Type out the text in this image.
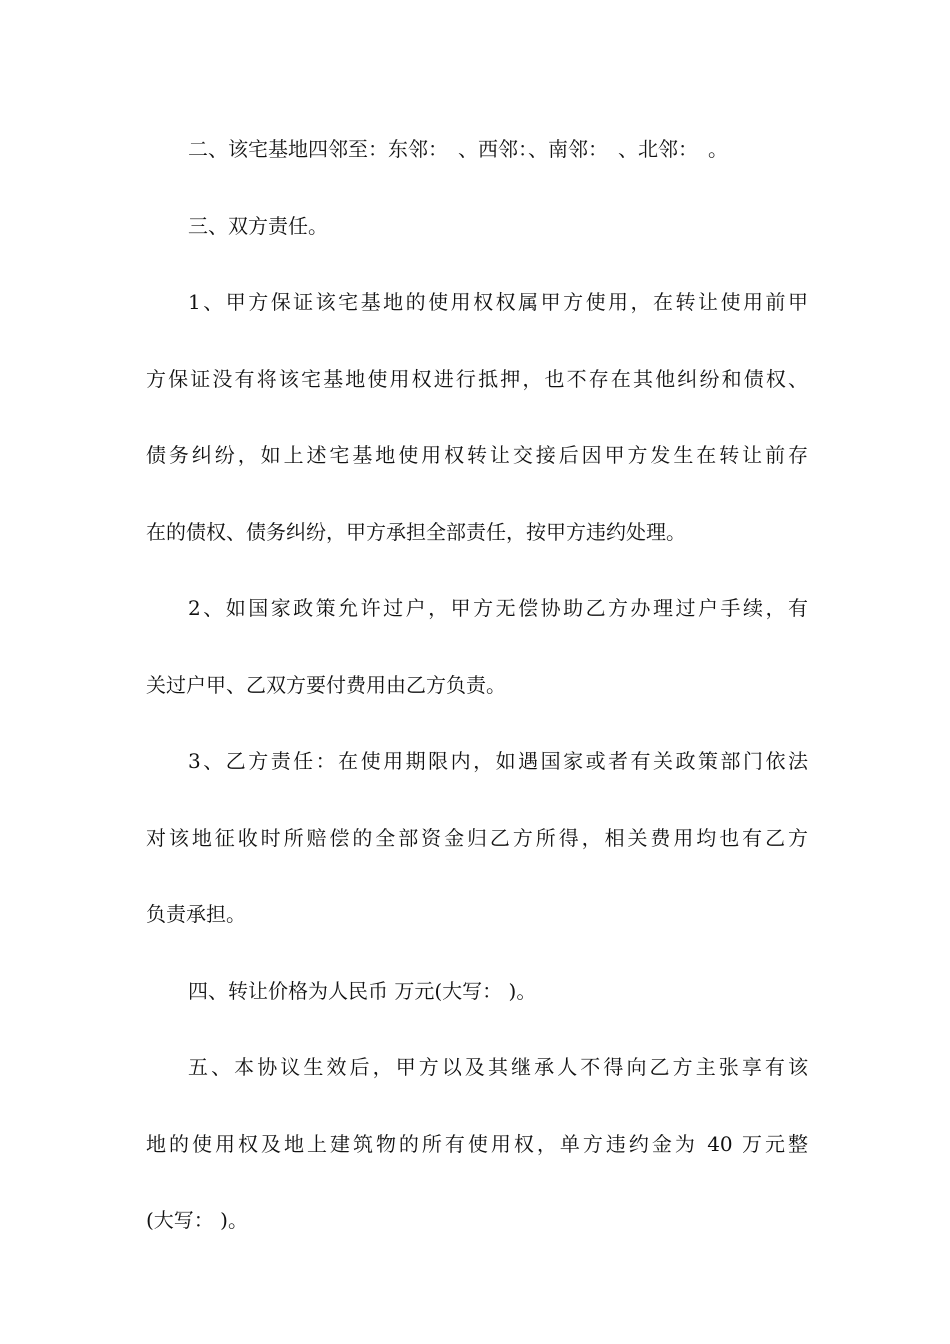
二、该宅基地四邻至：东邻：　、西邻：、南邻：　、北邻：　。
三、双方责任。
1、甲方保证该宅基地的使用权权属甲方使用，在转让使用前甲
方保证没有将该宅基地使用权进行抵押，也不存在其他纠纷和债权、
债务纠纷，如上述宅基地使用权转让交接后因甲方发生在转让前存
在的债权、债务纠纷，甲方承担全部责任，按甲方违约处理。
2、如国家政策允许过户，甲方无偿协助乙方办理过户手续，有
关过户甲、乙双方要付费用由乙方负责。
3、乙方责任：在使用期限内，如遇国家或者有关政策部门依法
对该地征收时所赔偿的全部资金归乙方所得，相关费用均也有乙方
负责承担。
四、转让价格为人民币 万元(大写： )。
五、本协议生效后，甲方以及其继承人不得向乙方主张享有该
地的使用权及地上建筑物的所有使用权，单方违约金为 40 万元整
(大写： )。
